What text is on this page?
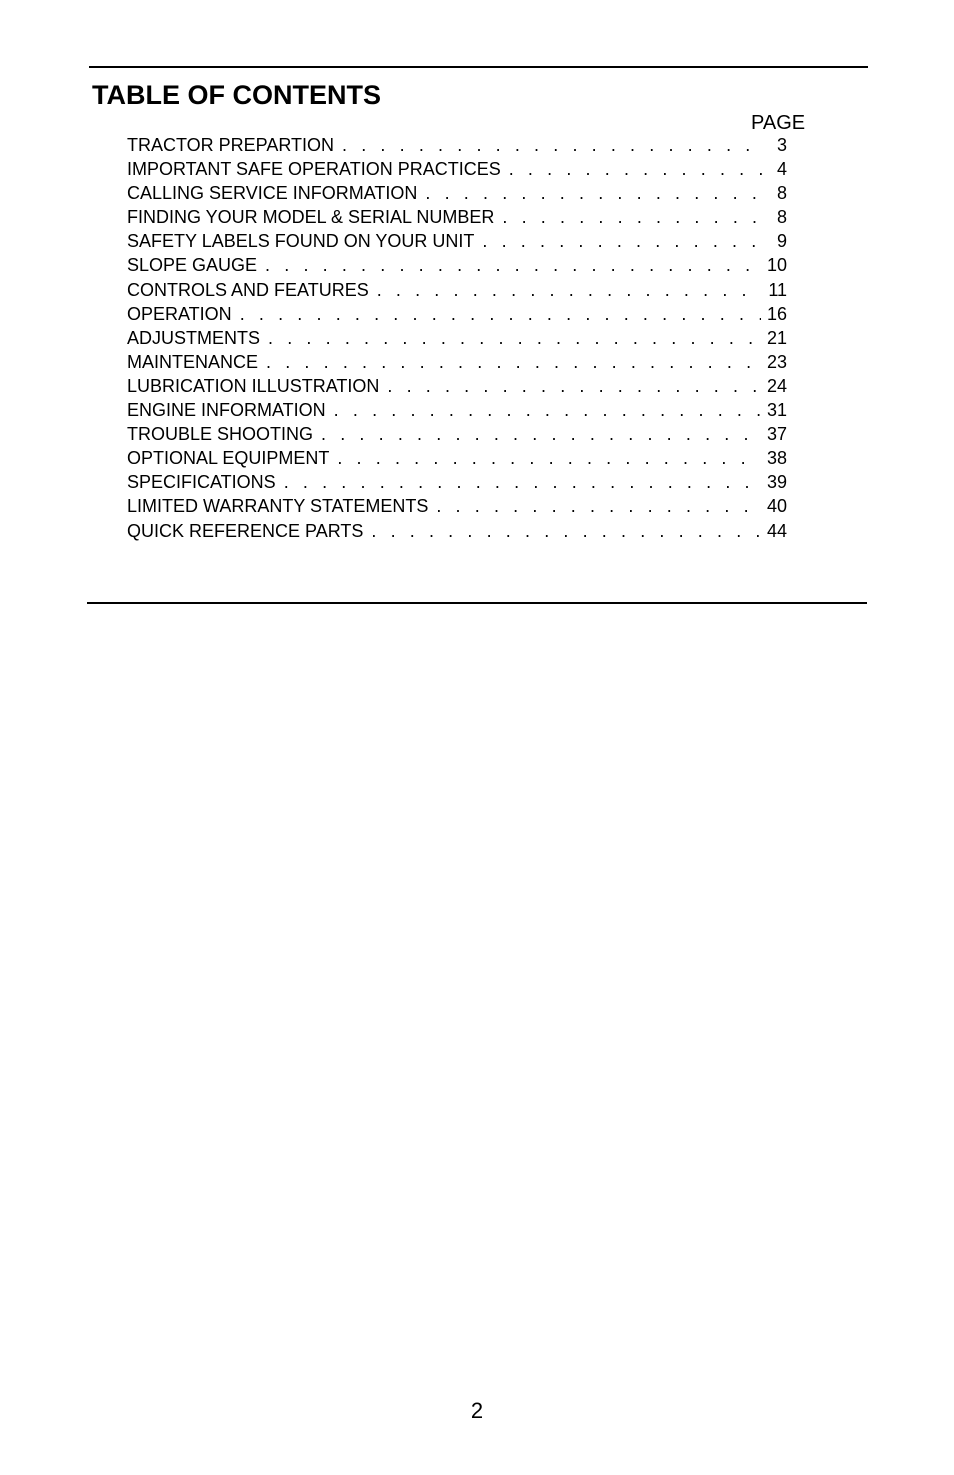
TABLE OF CONTENTS
PAGE
TRACTOR PREPARTION . . .	3
IMPORTANT SAFE OPERATION PRACTICES . . .	4
CALLING SERVICE INFORMATION . . .	8
FINDING YOUR MODEL & SERIAL NUMBER . . .	8
SAFETY LABELS FOUND ON YOUR UNIT . . .	9
SLOPE GAUGE . . .	10
CONTROLS AND FEATURES . . .	11
OPERATION . . .	16
ADJUSTMENTS . . .	21
MAINTENANCE . . .	23
LUBRICATION ILLUSTRATION . . .	24
ENGINE INFORMATION . . .	31
TROUBLE SHOOTING . . .	37
OPTIONAL EQUIPMENT . . .	38
SPECIFICATIONS . . .	39
LIMITED WARRANTY STATEMENTS . . .	40
QUICK REFERENCE PARTS . . .	44
2
